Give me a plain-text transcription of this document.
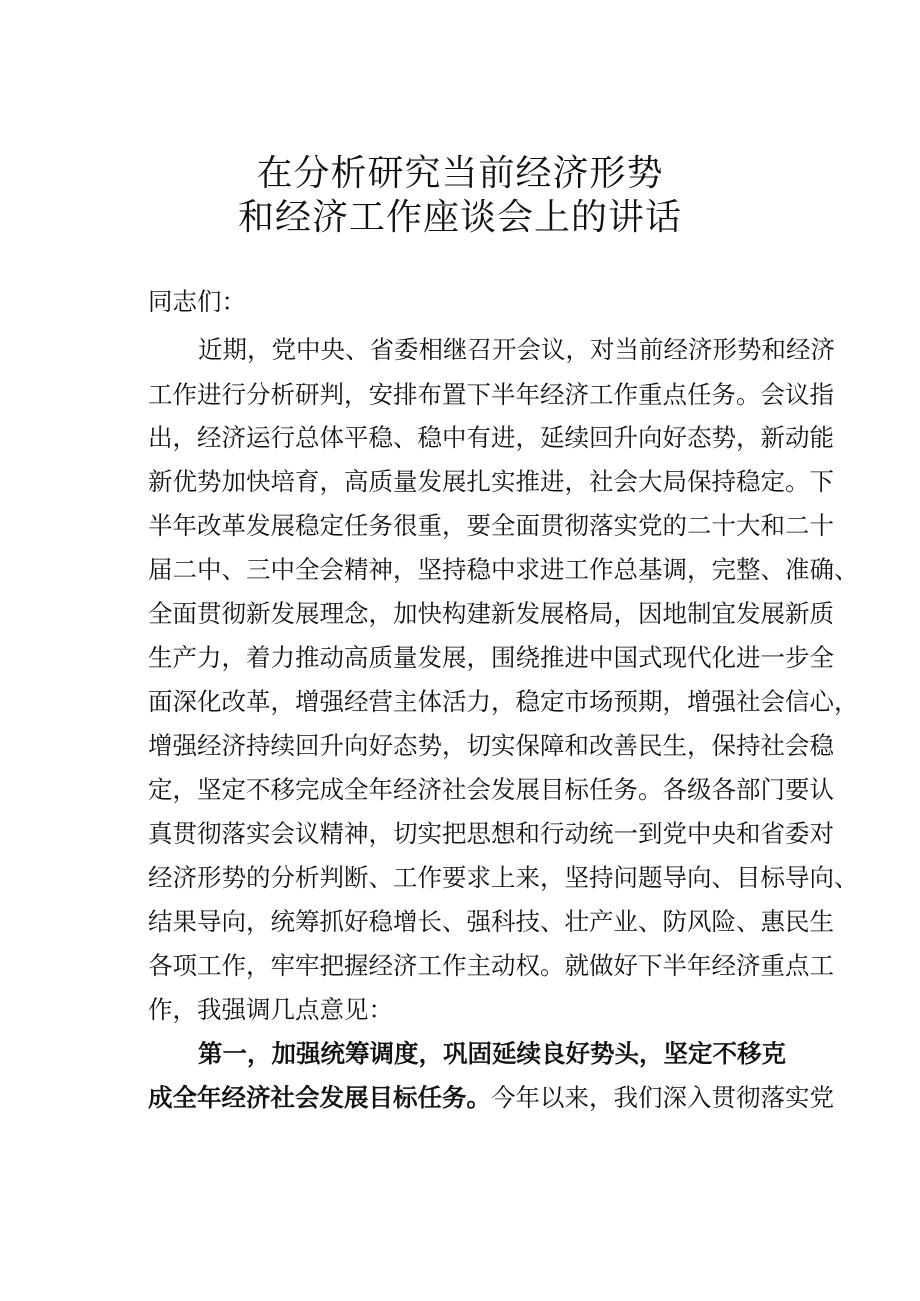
在分析研究当前经济形势
和经济工作座谈会上的讲话

同志们：

近期，党中央、省委相继召开会议，对当前经济形势和经济

工作进行分析研判，安排布置下半年经济工作重点任务。会议指

出，经济运行总体平稳、稳中有进，延续回升向好态势，新动能

新优势加快培育，高质量发展扎实推进，社会大局保持稳定。下

半年改革发展稳定任务很重，要全面贯彻落实党的二十大和二十

届二中、三中全会精神，坚持稳中求进工作总基调，完整、准确、

全面贯彻新发展理念，加快构建新发展格局，因地制宜发展新质

生产力，着力推动高质量发展，围绕推进中国式现代化进一步全

面深化改革，增强经营主体活力，稳定市场预期，增强社会信心，

增强经济持续回升向好态势，切实保障和改善民生，保持社会稳

定，坚定不移完成全年经济社会发展目标任务。各级各部门要认

真贯彻落实会议精神，切实把思想和行动统一到党中央和省委对

经济形势的分析判断、工作要求上来，坚持问题导向、目标导向、

结果导向，统筹抓好稳增长、强科技、壮产业、防风险、惠民生

各项工作，牢牢把握经济工作主动权。就做好下半年经济重点工

作，我强调几点意见：

第一，加强统筹调度，巩固延续良好势头，坚定不移克

成全年经济社会发展目标任务。今年以来，我们深入贯彻落实党
